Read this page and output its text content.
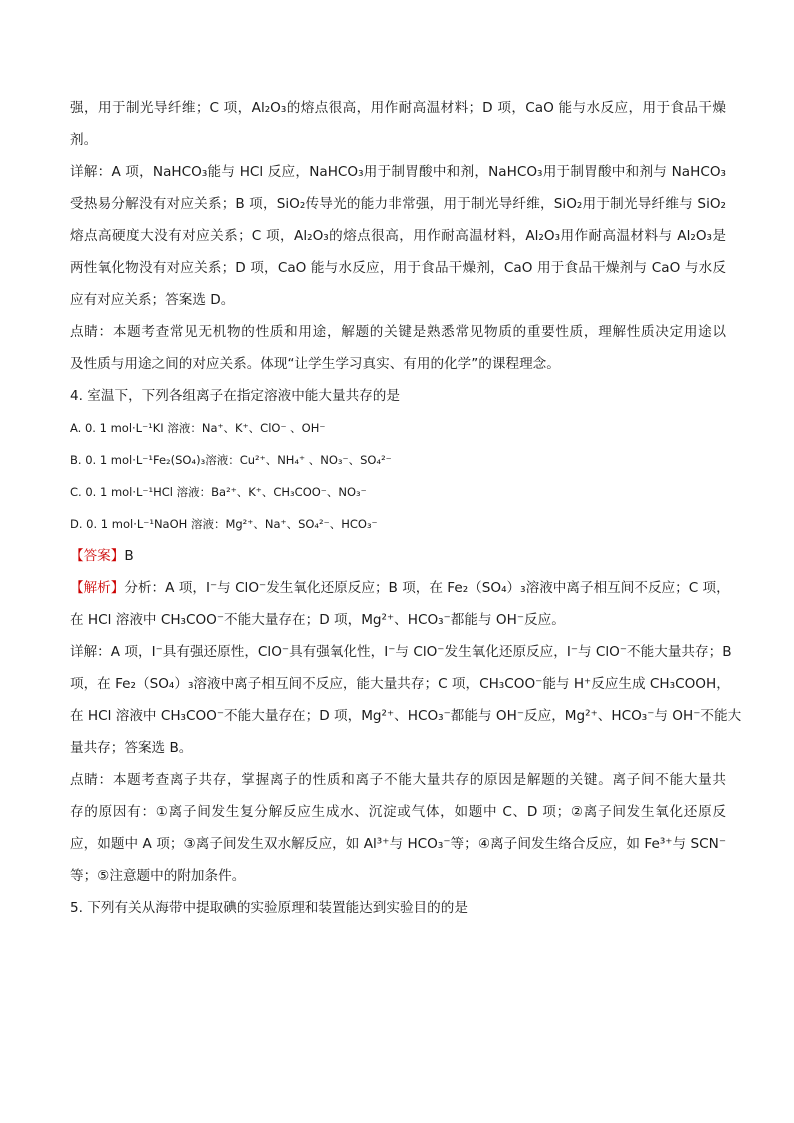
强，用于制光导纤维；C 项，Al₂O₃的熔点很高，用作耐高温材料；D 项，CaO 能与水反应，用于食品干燥
剂。
详解：A 项，NaHCO₃能与 HCl 反应，NaHCO₃用于制胃酸中和剂，NaHCO₃用于制胃酸中和剂与 NaHCO₃
受热易分解没有对应关系；B 项，SiO₂传导光的能力非常强，用于制光导纤维，SiO₂用于制光导纤维与 SiO₂
熔点高硬度大没有对应关系；C 项，Al₂O₃的熔点很高，用作耐高温材料，Al₂O₃用作耐高温材料与 Al₂O₃是
两性氧化物没有对应关系；D 项，CaO 能与水反应，用于食品干燥剂，CaO 用于食品干燥剂与 CaO 与水反
应有对应关系；答案选 D。
点睛：本题考查常见无机物的性质和用途，解题的关键是熟悉常见物质的重要性质，理解性质决定用途以
及性质与用途之间的对应关系。体现“让学生学习真实、有用的化学”的课程理念。
4. 室温下，下列各组离子在指定溶液中能大量共存的是
A. 0. 1 mol·L⁻¹KI 溶液：Na⁺、K⁺、ClO⁻ 、OH⁻
B. 0. 1 mol·L⁻¹Fe₂(SO₄)₃溶液：Cu²⁺、NH₄⁺ 、NO₃⁻、SO₄²⁻
C. 0. 1 mol·L⁻¹HCl 溶液：Ba²⁺、K⁺、CH₃COO⁻、NO₃⁻
D. 0. 1 mol·L⁻¹NaOH 溶液：Mg²⁺、Na⁺、SO₄²⁻、HCO₃⁻
【答案】B
【解析】分析：A 项，I⁻与 ClO⁻发生氧化还原反应；B 项，在 Fe₂（SO₄）₃溶液中离子相互间不反应；C 项，
在 HCl 溶液中 CH₃COO⁻不能大量存在；D 项，Mg²⁺、HCO₃⁻都能与 OH⁻反应。
详解：A 项，I⁻具有强还原性，ClO⁻具有强氧化性，I⁻与 ClO⁻发生氧化还原反应，I⁻与 ClO⁻不能大量共存；B
项，在 Fe₂（SO₄）₃溶液中离子相互间不反应，能大量共存；C 项，CH₃COO⁻能与 H⁺反应生成 CH₃COOH，
在 HCl 溶液中 CH₃COO⁻不能大量存在；D 项，Mg²⁺、HCO₃⁻都能与 OH⁻反应，Mg²⁺、HCO₃⁻与 OH⁻不能大
量共存；答案选 B。
点睛：本题考查离子共存，掌握离子的性质和离子不能大量共存的原因是解题的关键。离子间不能大量共
存的原因有：①离子间发生复分解反应生成水、沉淀或气体，如题中 C、D 项；②离子间发生氧化还原反
应，如题中 A 项；③离子间发生双水解反应，如 Al³⁺与 HCO₃⁻等；④离子间发生络合反应，如 Fe³⁺与 SCN⁻
等；⑤注意题中的附加条件。
5. 下列有关从海带中提取碘的实验原理和装置能达到实验目的的是
